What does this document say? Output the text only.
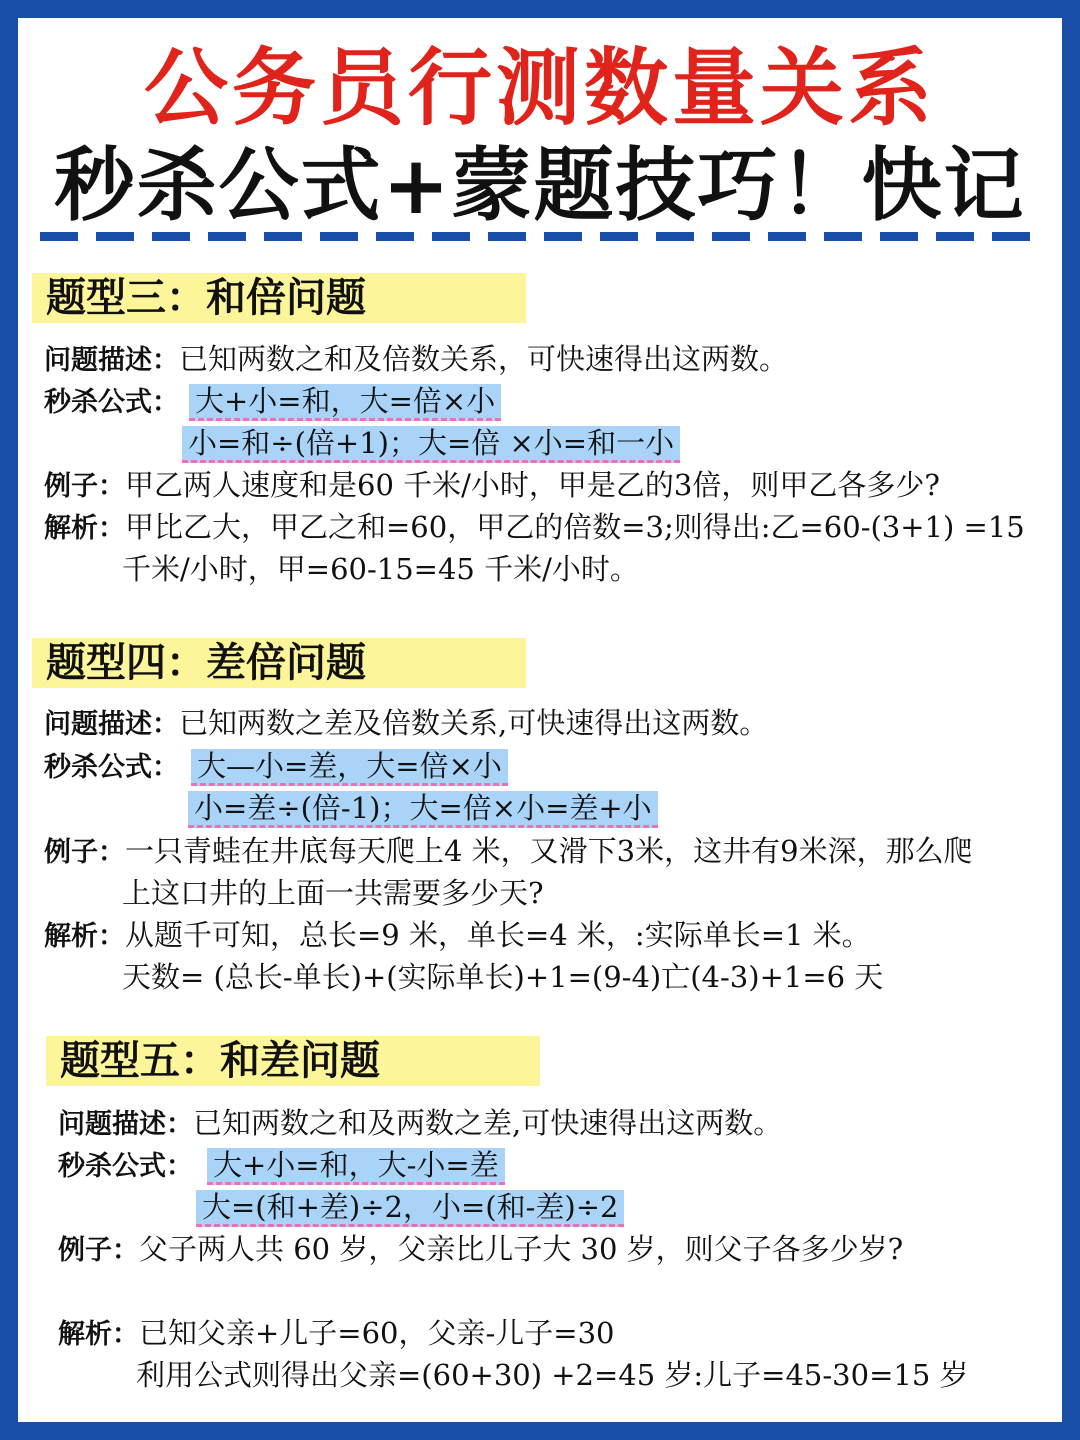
公务员行测数量关系
秒杀公式+蒙题技巧！快记
题型三：和倍问题
问题描述：已知两数之和及倍数关系，可快速得出这两数。
秒杀公式： 大+小=和，大=倍×小
小=和÷(倍+1)；大=倍 ×小=和一小
例子：甲乙两人速度和是60 千米/小时，甲是乙的3倍，则甲乙各多少?
解析：甲比乙大，甲乙之和=60，甲乙的倍数=3;则得出:乙=60-(3+1) =15
千米/小时，甲=60-15=45 千米/小时。
题型四：差倍问题
问题描述：已知两数之差及倍数关系,可快速得出这两数。
秒杀公式： 大—小=差，大=倍×小
小=差÷(倍-1)；大=倍×小=差+小
例子：一只青蛙在井底每天爬上4 米，又滑下3米，这井有9米深，那么爬
上这口井的上面一共需要多少天?
解析：从题千可知，总长=9 米，单长=4 米，:实际单长=1 米。
天数= (总长-单长)+(实际单长)+1=(9-4)亡(4-3)+1=6 天
题型五：和差问题
问题描述：已知两数之和及两数之差,可快速得出这两数。
秒杀公式： 大+小=和，大-小=差
大=(和+差)÷2，小=(和-差)÷2
例子：父子两人共 60 岁，父亲比儿子大 30 岁，则父子各多少岁?
解析：已知父亲+儿子=60，父亲-儿子=30
利用公式则得出父亲=(60+30) +2=45 岁:儿子=45-30=15 岁
